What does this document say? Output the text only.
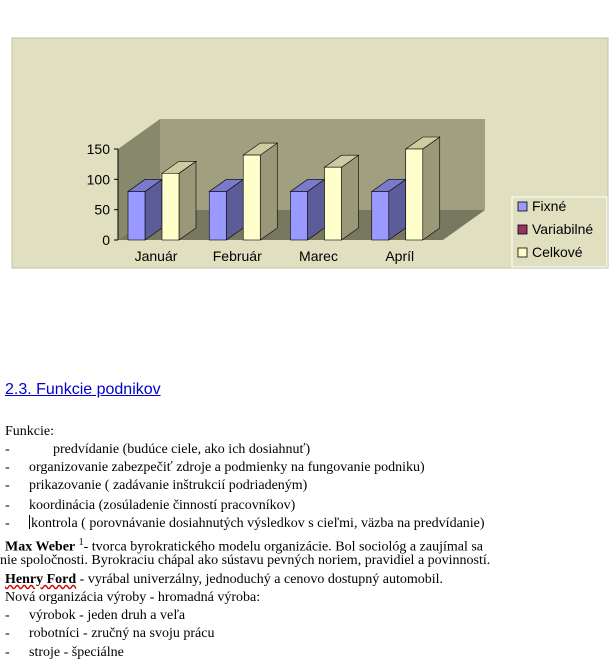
0
50
100
150
Január	Február	Marec	Apríl
Fixné
Variabilné
Celkové
2.3. Funkcie podnikov
Funkcie:
-	predvídanie (budúce ciele, ako ich dosiahnuť)
- organizovanie zabezpečiť zdroje a podmienky na fungovanie podniku)
- prikazovanie ( zadávanie inštrukcií podriadeným)
- koordinácia (zosúladenie činností pracovníkov)
- kontrola ( porovnávanie dosiahnutých výsledkov s cieľmi, väzba na predvídanie)
Max Weber $^1$- tvorca byrokratického modelu organizácie. Bol sociológ a zaujímal sa
nie spoločnosti. Byrokraciu chápal ako sústavu pevných noriem, pravidiel a povinností.
Henry Ford - vyrábal univerzálny, jednoduchý a cenovo dostupný automobil.
Nová organizácia výroby - hromadná výroba:
- výrobok - jeden druh a veľa
- robotníci - zručný na svoju prácu
- stroje - špeciálne
